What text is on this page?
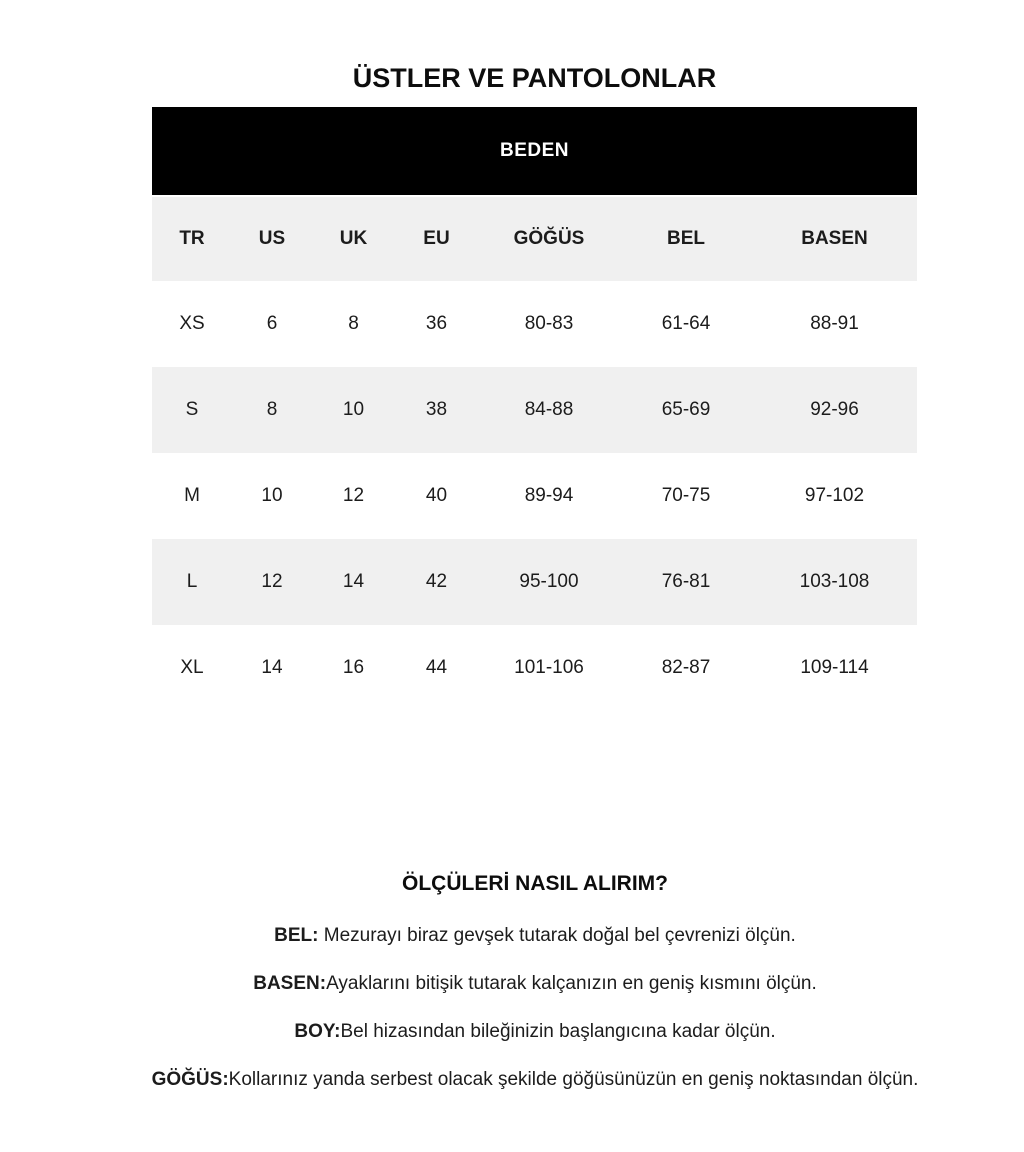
ÜSTLER VE PANTOLONLAR
BEDEN
TR	US	UK	EU	GÖĞÜS	BEL	BASEN
XS	6	8	36	80-83	61-64	88-91
S	8	10	38	84-88	65-69	92-96
M	10	12	40	89-94	70-75	97-102
L	12	14	42	95-100	76-81	103-108
XL	14	16	44	101-106	82-87	109-114
ÖLÇÜLERİ NASIL ALIRIM?

BEL: Mezurayı biraz gevşek tutarak doğal bel çevrenizi ölçün.

BASEN:Ayaklarını bitişik tutarak kalçanızın en geniş kısmını ölçün.

BOY:Bel hizasından bileğinizin başlangıcına kadar ölçün.

GÖĞÜS:Kollarınız yanda serbest olacak şekilde göğüsünüzün en geniş noktasından ölçün.
